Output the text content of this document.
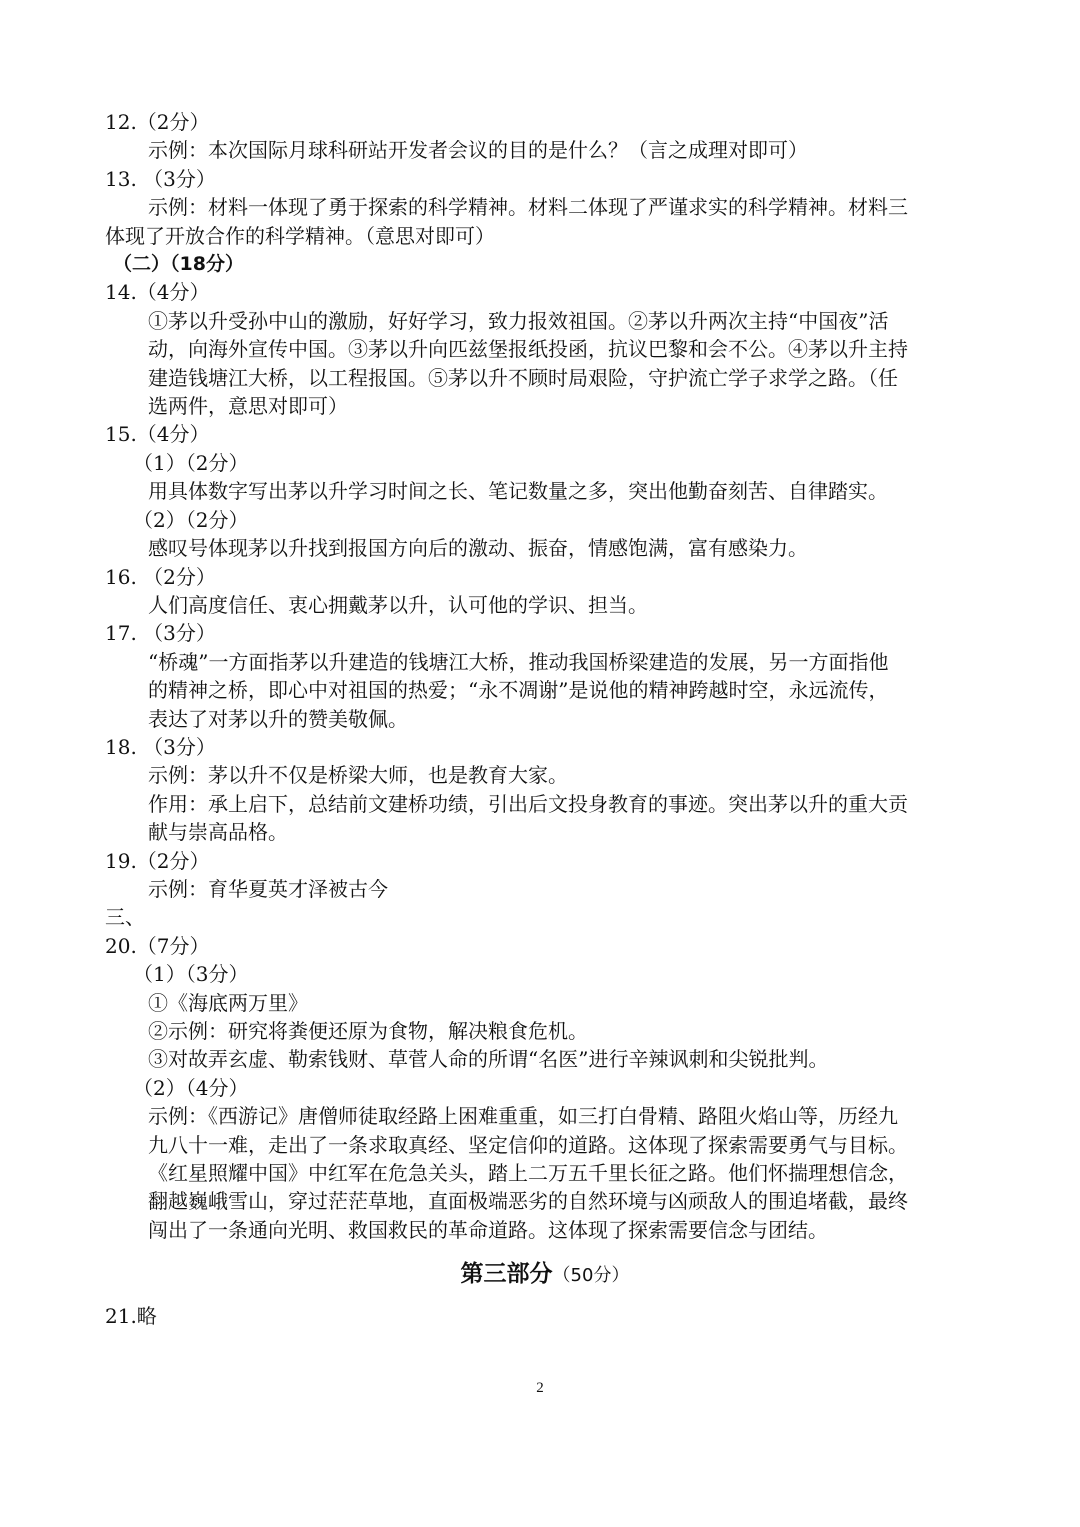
12.（2分）
示例：本次国际月球科研站开发者会议的目的是什么？（言之成理对即可）
13. （3分）
示例：材料一体现了勇于探索的科学精神。材料二体现了严谨求实的科学精神。材料三
体现了开放合作的科学精神。（意思对即可）
（二）（18分）
14.（4分）
①茅以升受孙中山的激励，好好学习，致力报效祖国。②茅以升两次主持“中国夜”活
动，向海外宣传中国。③茅以升向匹兹堡报纸投函，抗议巴黎和会不公。④茅以升主持
建造钱塘江大桥，以工程报国。⑤茅以升不顾时局艰险，守护流亡学子求学之路。（任
选两件，意思对即可）
15.（4分）
（1）（2分）
用具体数字写出茅以升学习时间之长、笔记数量之多，突出他勤奋刻苦、自律踏实。
（2）（2分）
感叹号体现茅以升找到报国方向后的激动、振奋，情感饱满，富有感染力。
16. （2分）
人们高度信任、衷心拥戴茅以升，认可他的学识、担当。
17. （3分）
“桥魂”一方面指茅以升建造的钱塘江大桥，推动我国桥梁建造的发展，另一方面指他
的精神之桥，即心中对祖国的热爱；“永不凋谢”是说他的精神跨越时空，永远流传，
表达了对茅以升的赞美敬佩。
18. （3分）
示例：茅以升不仅是桥梁大师，也是教育大家。
作用：承上启下，总结前文建桥功绩，引出后文投身教育的事迹。突出茅以升的重大贡
献与崇高品格。
19.（2分）
示例：育华夏英才泽被古今
三、
20.（7分）
（1）（3分）
①《海底两万里》
②示例：研究将粪便还原为食物，解决粮食危机。
③对故弄玄虚、勒索钱财、草菅人命的所谓“名医”进行辛辣讽刺和尖锐批判。
（2）（4分）
示例：《西游记》唐僧师徒取经路上困难重重，如三打白骨精、路阻火焰山等，历经九
九八十一难，走出了一条求取真经、坚定信仰的道路。这体现了探索需要勇气与目标。
《红星照耀中国》中红军在危急关头，踏上二万五千里长征之路。他们怀揣理想信念，
翻越巍峨雪山，穿过茫茫草地，直面极端恶劣的自然环境与凶顽敌人的围追堵截，最终
闯出了一条通向光明、救国救民的革命道路。这体现了探索需要信念与团结。
第三部分（50分）
21.略
2
